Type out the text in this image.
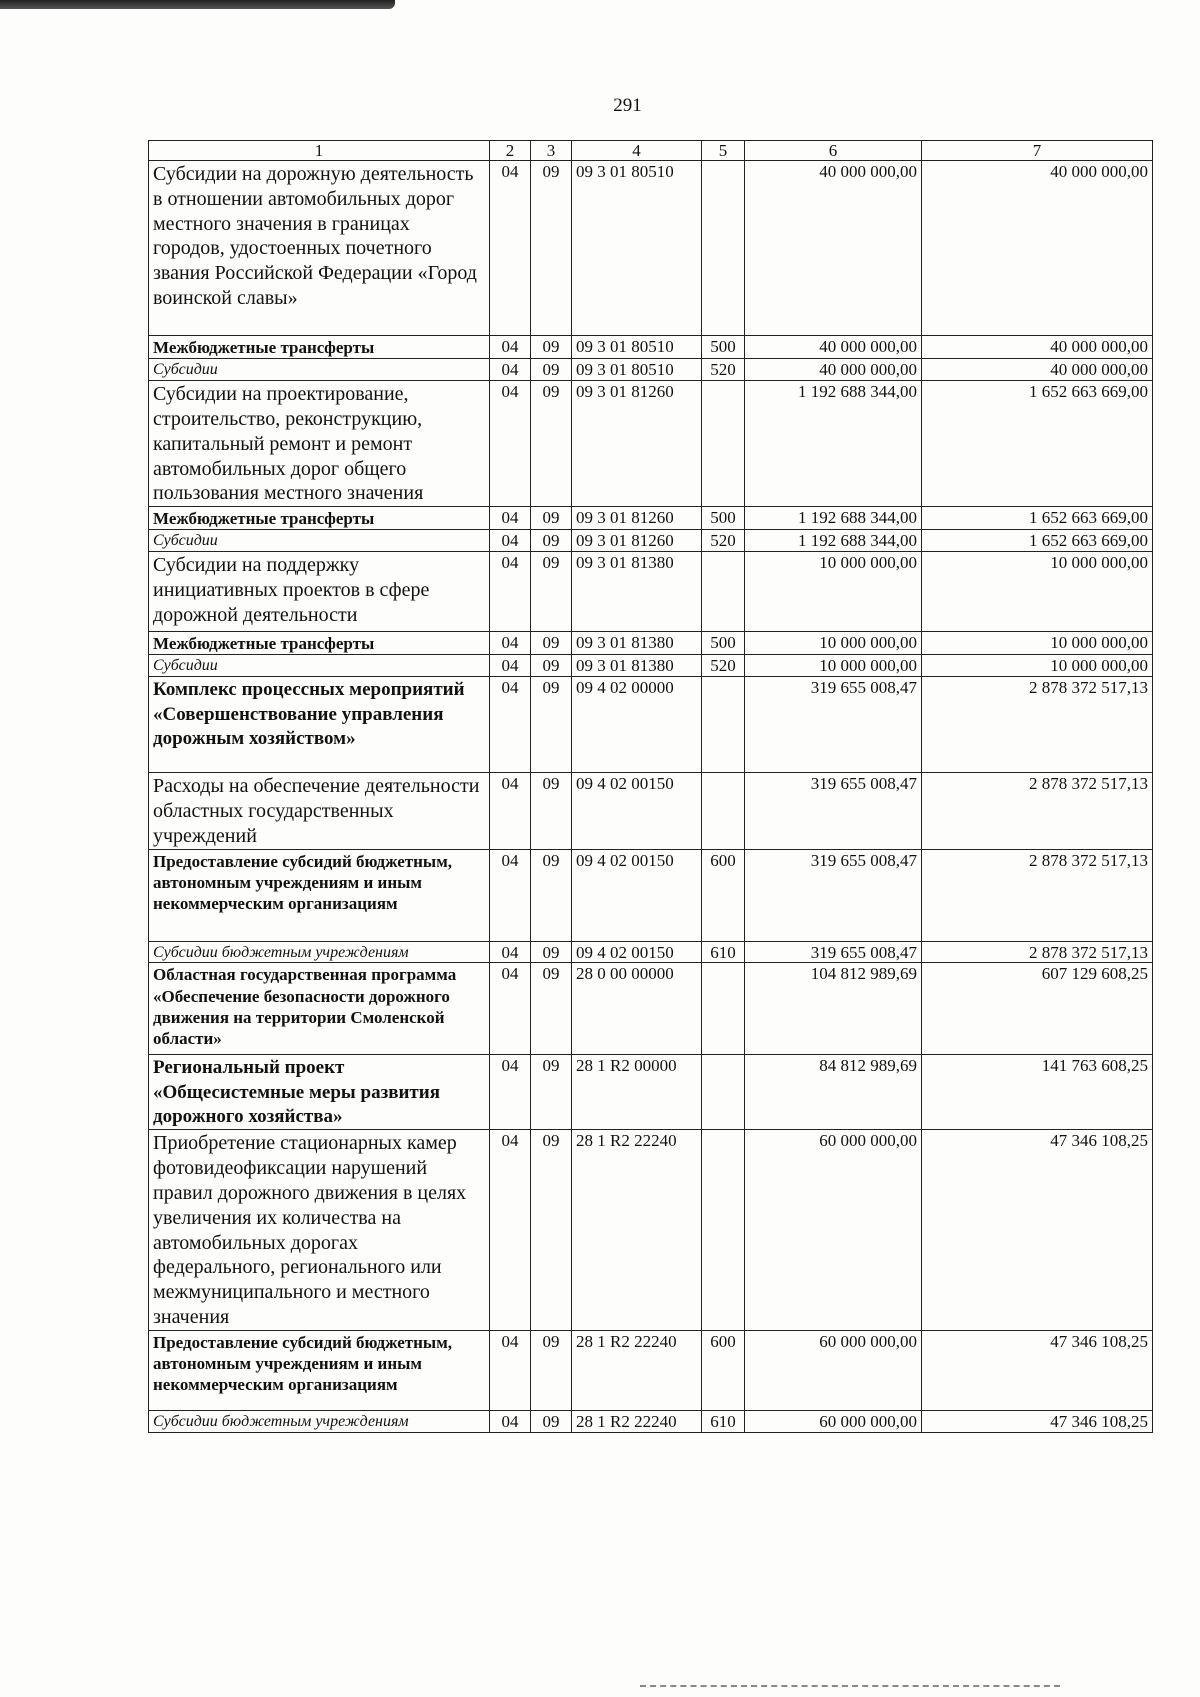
291
1	2	3	4	5	6	7
Субсидии на дорожную деятельность в отношении автомобильных дорог местного значения в границах городов, удостоенных почетного звания Российской Федерации «Город воинской славы»	04	09	09 3 01 80510		40 000 000,00	40 000 000,00
Межбюджетные трансферты	04	09	09 3 01 80510	500	40 000 000,00	40 000 000,00
Субсидии	04	09	09 3 01 80510	520	40 000 000,00	40 000 000,00
Субсидии на проектирование, строительство, реконструкцию, капитальный ремонт и ремонт автомобильных дорог общего пользования местного значения	04	09	09 3 01 81260		1 192 688 344,00	1 652 663 669,00
Межбюджетные трансферты	04	09	09 3 01 81260	500	1 192 688 344,00	1 652 663 669,00
Субсидии	04	09	09 3 01 81260	520	1 192 688 344,00	1 652 663 669,00
Субсидии на поддержку инициативных проектов в сфере дорожной деятельности	04	09	09 3 01 81380		10 000 000,00	10 000 000,00
Межбюджетные трансферты	04	09	09 3 01 81380	500	10 000 000,00	10 000 000,00
Субсидии	04	09	09 3 01 81380	520	10 000 000,00	10 000 000,00
Комплекс процессных мероприятий «Совершенствование управления дорожным хозяйством»	04	09	09 4 02 00000		319 655 008,47	2 878 372 517,13
Расходы на обеспечение деятельности областных государственных учреждений	04	09	09 4 02 00150		319 655 008,47	2 878 372 517,13
Предоставление субсидий бюджетным, автономным учреждениям и иным некоммерческим организациям	04	09	09 4 02 00150	600	319 655 008,47	2 878 372 517,13
Субсидии бюджетным учреждениям	04	09	09 4 02 00150	610	319 655 008,47	2 878 372 517,13
Областная государственная программа «Обеспечение безопасности дорожного движения на территории Смоленской области»	04	09	28 0 00 00000		104 812 989,69	607 129 608,25
Региональный проект «Общесистемные меры развития дорожного хозяйства»	04	09	28 1 R2 00000		84 812 989,69	141 763 608,25
Приобретение стационарных камер фотовидеофиксации нарушений правил дорожного движения в целях увеличения их количества на автомобильных дорогах федерального, регионального или межмуниципального и местного значения	04	09	28 1 R2 22240		60 000 000,00	47 346 108,25
Предоставление субсидий бюджетным, автономным учреждениям и иным некоммерческим организациям	04	09	28 1 R2 22240	600	60 000 000,00	47 346 108,25
Субсидии бюджетным учреждениям	04	09	28 1 R2 22240	610	60 000 000,00	47 346 108,25
